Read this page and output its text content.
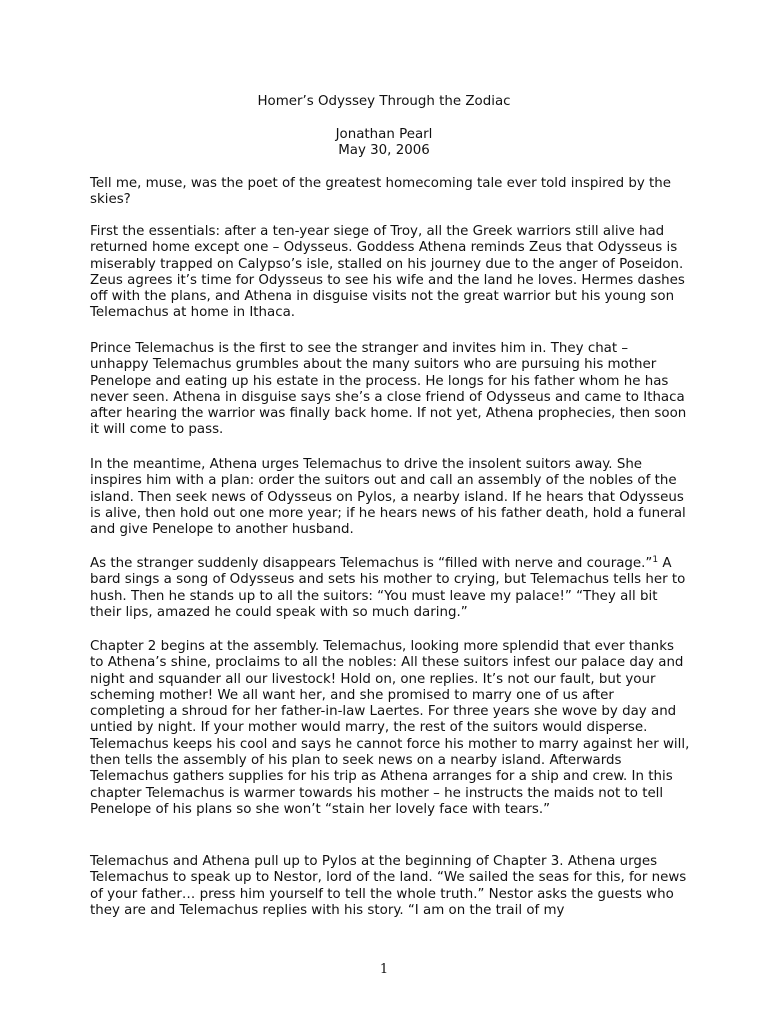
Homer’s Odyssey Through the Zodiac

Jonathan Pearl

May 30, 2006

Tell me, muse, was the poet of the greatest homecoming tale ever told inspired by the skies?

First the essentials: after a ten-year siege of Troy, all the Greek warriors still alive had returned home except one – Odysseus. Goddess Athena reminds Zeus that Odysseus is miserably trapped on Calypso’s isle, stalled on his journey due to the anger of Poseidon. Zeus agrees it’s time for Odysseus to see his wife and the land he loves. Hermes dashes off with the plans, and Athena in disguise visits not the great warrior but his young son Telemachus at home in Ithaca.

Prince Telemachus is the first to see the stranger and invites him in. They chat – unhappy Telemachus grumbles about the many suitors who are pursuing his mother Penelope and eating up his estate in the process. He longs for his father whom he has never seen. Athena in disguise says she’s a close friend of Odysseus and came to Ithaca after hearing the warrior was finally back home. If not yet, Athena prophecies, then soon it will come to pass.

In the meantime, Athena urges Telemachus to drive the insolent suitors away. She inspires him with a plan: order the suitors out and call an assembly of the nobles of the island. Then seek news of Odysseus on Pylos, a nearby island. If he hears that Odysseus is alive, then hold out one more year; if he hears news of his father death, hold a funeral and give Penelope to another husband.

As the stranger suddenly disappears Telemachus is “filled with nerve and courage.”$^1$ A bard sings a song of Odysseus and sets his mother to crying, but Telemachus tells her to hush. Then he stands up to all the suitors: “You must leave my palace!” “They all bit their lips, amazed he could speak with so much daring.”

Chapter 2 begins at the assembly. Telemachus, looking more splendid that ever thanks to Athena’s shine, proclaims to all the nobles: All these suitors infest our palace day and night and squander all our livestock! Hold on, one replies. It’s not our fault, but your scheming mother! We all want her, and she promised to marry one of us after completing a shroud for her father-in-law Laertes. For three years she wove by day and untied by night. If your mother would marry, the rest of the suitors would disperse. Telemachus keeps his cool and says he cannot force his mother to marry against her will, then tells the assembly of his plan to seek news on a nearby island. Afterwards Telemachus gathers supplies for his trip as Athena arranges for a ship and crew. In this chapter Telemachus is warmer towards his mother – he instructs the maids not to tell Penelope of his plans so she won’t “stain her lovely face with tears.”

Telemachus and Athena pull up to Pylos at the beginning of Chapter 3. Athena urges Telemachus to speak up to Nestor, lord of the land. “We sailed the seas for this, for news of your father… press him yourself to tell the whole truth.” Nestor asks the guests who they are and Telemachus replies with his story. “I am on the trail of my

1
